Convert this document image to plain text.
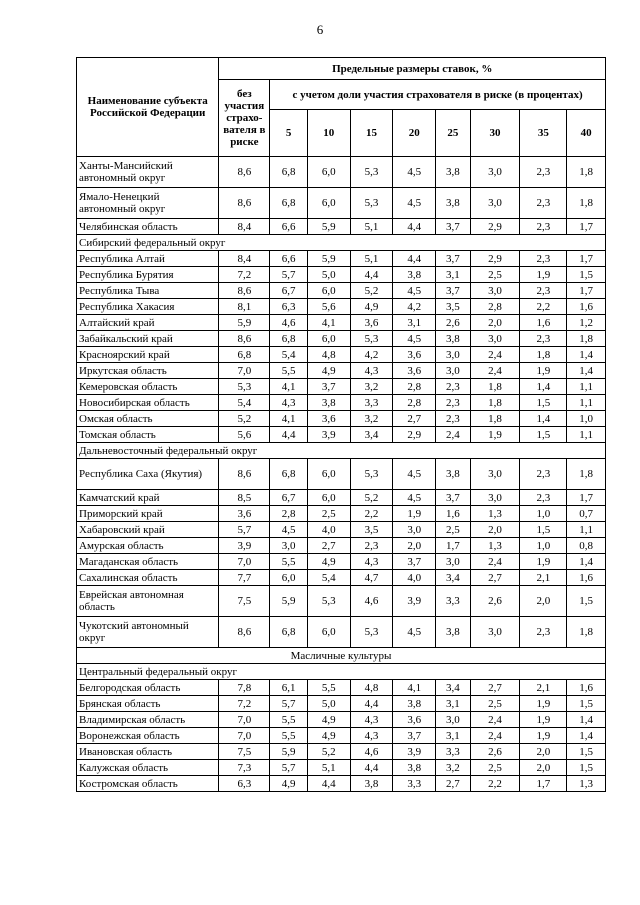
6
Наименование субъекта Российской Федерации	Предельные размеры ставок, %								
	без участия страхо-вателя в риске	с учетом доли участия страхователя в риске (в процентах)							
		5	10	15	20	25	30	35	40
Ханты-Мансийский автономный округ	8,6	6,8	6,0	5,3	4,5	3,8	3,0	2,3	1,8
Ямало-Ненецкий автономный округ	8,6	6,8	6,0	5,3	4,5	3,8	3,0	2,3	1,8
Челябинская область	8,4	6,6	5,9	5,1	4,4	3,7	2,9	2,3	1,7
Сибирский федеральный округ									
Республика Алтай	8,4	6,6	5,9	5,1	4,4	3,7	2,9	2,3	1,7
Республика Бурятия	7,2	5,7	5,0	4,4	3,8	3,1	2,5	1,9	1,5
Республика Тыва	8,6	6,7	6,0	5,2	4,5	3,7	3,0	2,3	1,7
Республика Хакасия	8,1	6,3	5,6	4,9	4,2	3,5	2,8	2,2	1,6
Алтайский край	5,9	4,6	4,1	3,6	3,1	2,6	2,0	1,6	1,2
Забайкальский край	8,6	6,8	6,0	5,3	4,5	3,8	3,0	2,3	1,8
Красноярский край	6,8	5,4	4,8	4,2	3,6	3,0	2,4	1,8	1,4
Иркутская область	7,0	5,5	4,9	4,3	3,6	3,0	2,4	1,9	1,4
Кемеровская область	5,3	4,1	3,7	3,2	2,8	2,3	1,8	1,4	1,1
Новосибирская область	5,4	4,3	3,8	3,3	2,8	2,3	1,8	1,5	1,1
Омская область	5,2	4,1	3,6	3,2	2,7	2,3	1,8	1,4	1,0
Томская область	5,6	4,4	3,9	3,4	2,9	2,4	1,9	1,5	1,1
Дальневосточный федеральный округ									
Республика Саха (Якутия)	8,6	6,8	6,0	5,3	4,5	3,8	3,0	2,3	1,8
Камчатский край	8,5	6,7	6,0	5,2	4,5	3,7	3,0	2,3	1,7
Приморский край	3,6	2,8	2,5	2,2	1,9	1,6	1,3	1,0	0,7
Хабаровский край	5,7	4,5	4,0	3,5	3,0	2,5	2,0	1,5	1,1
Амурская область	3,9	3,0	2,7	2,3	2,0	1,7	1,3	1,0	0,8
Магаданская область	7,0	5,5	4,9	4,3	3,7	3,0	2,4	1,9	1,4
Сахалинская область	7,7	6,0	5,4	4,7	4,0	3,4	2,7	2,1	1,6
Еврейская автономная область	7,5	5,9	5,3	4,6	3,9	3,3	2,6	2,0	1,5
Чукотский автономный округ	8,6	6,8	6,0	5,3	4,5	3,8	3,0	2,3	1,8
Масличные культуры									
Центральный федеральный округ									
Белгородская область	7,8	6,1	5,5	4,8	4,1	3,4	2,7	2,1	1,6
Брянская область	7,2	5,7	5,0	4,4	3,8	3,1	2,5	1,9	1,5
Владимирская область	7,0	5,5	4,9	4,3	3,6	3,0	2,4	1,9	1,4
Воронежская область	7,0	5,5	4,9	4,3	3,7	3,1	2,4	1,9	1,4
Ивановская область	7,5	5,9	5,2	4,6	3,9	3,3	2,6	2,0	1,5
Калужская область	7,3	5,7	5,1	4,4	3,8	3,2	2,5	2,0	1,5
Костромская область	6,3	4,9	4,4	3,8	3,3	2,7	2,2	1,7	1,3
